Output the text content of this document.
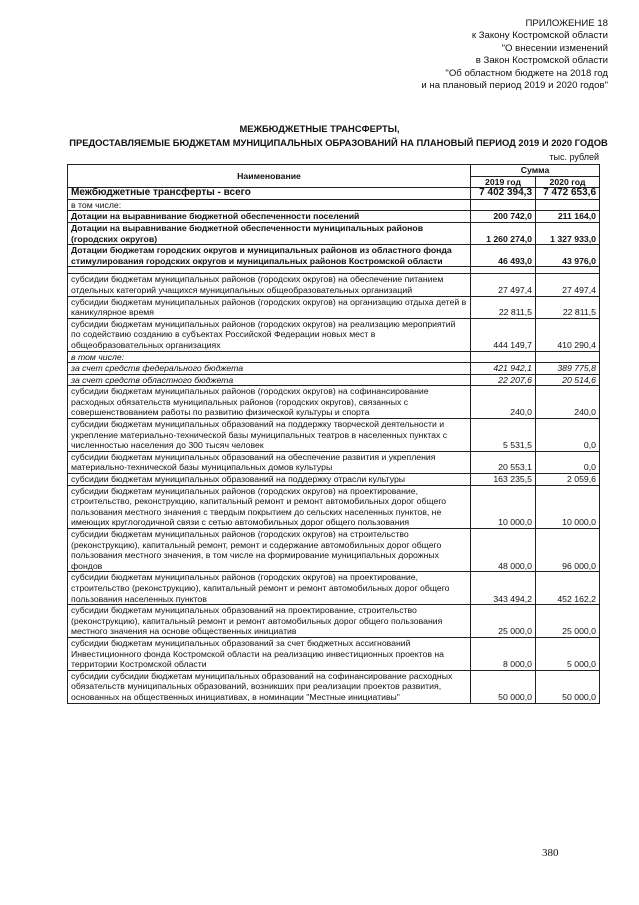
ПРИЛОЖЕНИЕ 18
к Закону Костромской области
"О внесении изменений
в Закон Костромской области
"Об областном бюджете на 2018 год
и на плановый период 2019 и 2020 годов"
МЕЖБЮДЖЕТНЫЕ ТРАНСФЕРТЫ,
ПРЕДОСТАВЛЯЕМЫЕ БЮДЖЕТАМ МУНИЦИПАЛЬНЫХ ОБРАЗОВАНИЙ НА ПЛАНОВЫЙ ПЕРИОД 2019 И 2020 ГОДОВ
тыс. рублей
Наименование	Сумма	
	2019 год	2020 год
Межбюджетные трансферты - всего	7 402 394,3	7 472 653,6
в том числе:		
Дотации на выравнивание бюджетной обеспеченности поселений	200 742,0	211 164,0
Дотации на выравнивание бюджетной обеспеченности муниципальных районов (городских округов)	1 260 274,0	1 327 933,0
Дотации бюджетам городских округов и муниципальных районов из областного фонда стимулирования городских округов и муниципальных районов Костромской области	46 493,0	43 976,0

субсидии бюджетам муниципальных районов (городских округов) на обеспечение питанием отдельных категорий учащихся муниципальных общеобразовательных организаций	27 497,4	27 497,4
субсидии бюджетам муниципальных районов (городских округов) на организацию отдыха детей в каникулярное время	22 811,5	22 811,5
субсидии бюджетам муниципальных районов (городских округов) на реализацию мероприятий по содействию созданию в субъектах Российской Федерации новых мест в общеобразовательных организациях	444 149,7	410 290,4
в том числе:		
за счет средств федерального бюджета	421 942,1	389 775,8
за счет средств областного бюджета	22 207,6	20 514,6
субсидии бюджетам муниципальных районов (городских округов) на софинансирование расходных обязательств муниципальных районов (городских округов), связанных с совершенствованием работы по развитию физической культуры и спорта	240,0	240,0
субсидии бюджетам муниципальных образований на поддержку творческой деятельности и укрепление материально-технической базы муниципальных театров в населенных пунктах с численностью населения до 300 тысяч человек	5 531,5	0,0
субсидии бюджетам муниципальных образований на обеспечение развития и укрепления материально-технической базы муниципальных домов культуры	20 553,1	0,0
субсидии бюджетам муниципальных образований на поддержку отрасли культуры	163 235,5	2 059,6
субсидии бюджетам муниципальных районов (городских округов) на проектирование, строительство, реконструкцию, капитальный ремонт и ремонт автомобильных дорог общего пользования местного значения с твердым покрытием до сельских населенных пунктов, не имеющих круглогодичной связи с сетью автомобильных дорог общего пользования	10 000,0	10 000,0
субсидии бюджетам муниципальных районов (городских округов) на строительство (реконструкцию), капитальный ремонт, ремонт и содержание автомобильных дорог общего пользования местного значения, в том числе на формирование муниципальных дорожных фондов	48 000,0	96 000,0
субсидии бюджетам муниципальных районов (городских округов) на проектирование, строительство (реконструкцию), капитальный ремонт и ремонт автомобильных дорог общего пользования населенных пунктов	343 494,2	452 162,2
субсидии бюджетам муниципальных образований на проектирование, строительство (реконструкцию), капитальный ремонт и ремонт автомобильных дорог общего пользования местного значения на основе общественных инициатив	25 000,0	25 000,0
субсидии бюджетам муниципальных образований за счет бюджетных ассигнований Инвестиционного фонда Костромской области на реализацию инвестиционных проектов на территории Костромской области	8 000,0	5 000,0
субсидии субсидии бюджетам муниципальных образований на софинансирование расходных обязательств муниципальных образований, возникших при реализации проектов развития, основанных на общественных инициативах, в номинации "Местные инициативы"	50 000,0	50 000,0
380
